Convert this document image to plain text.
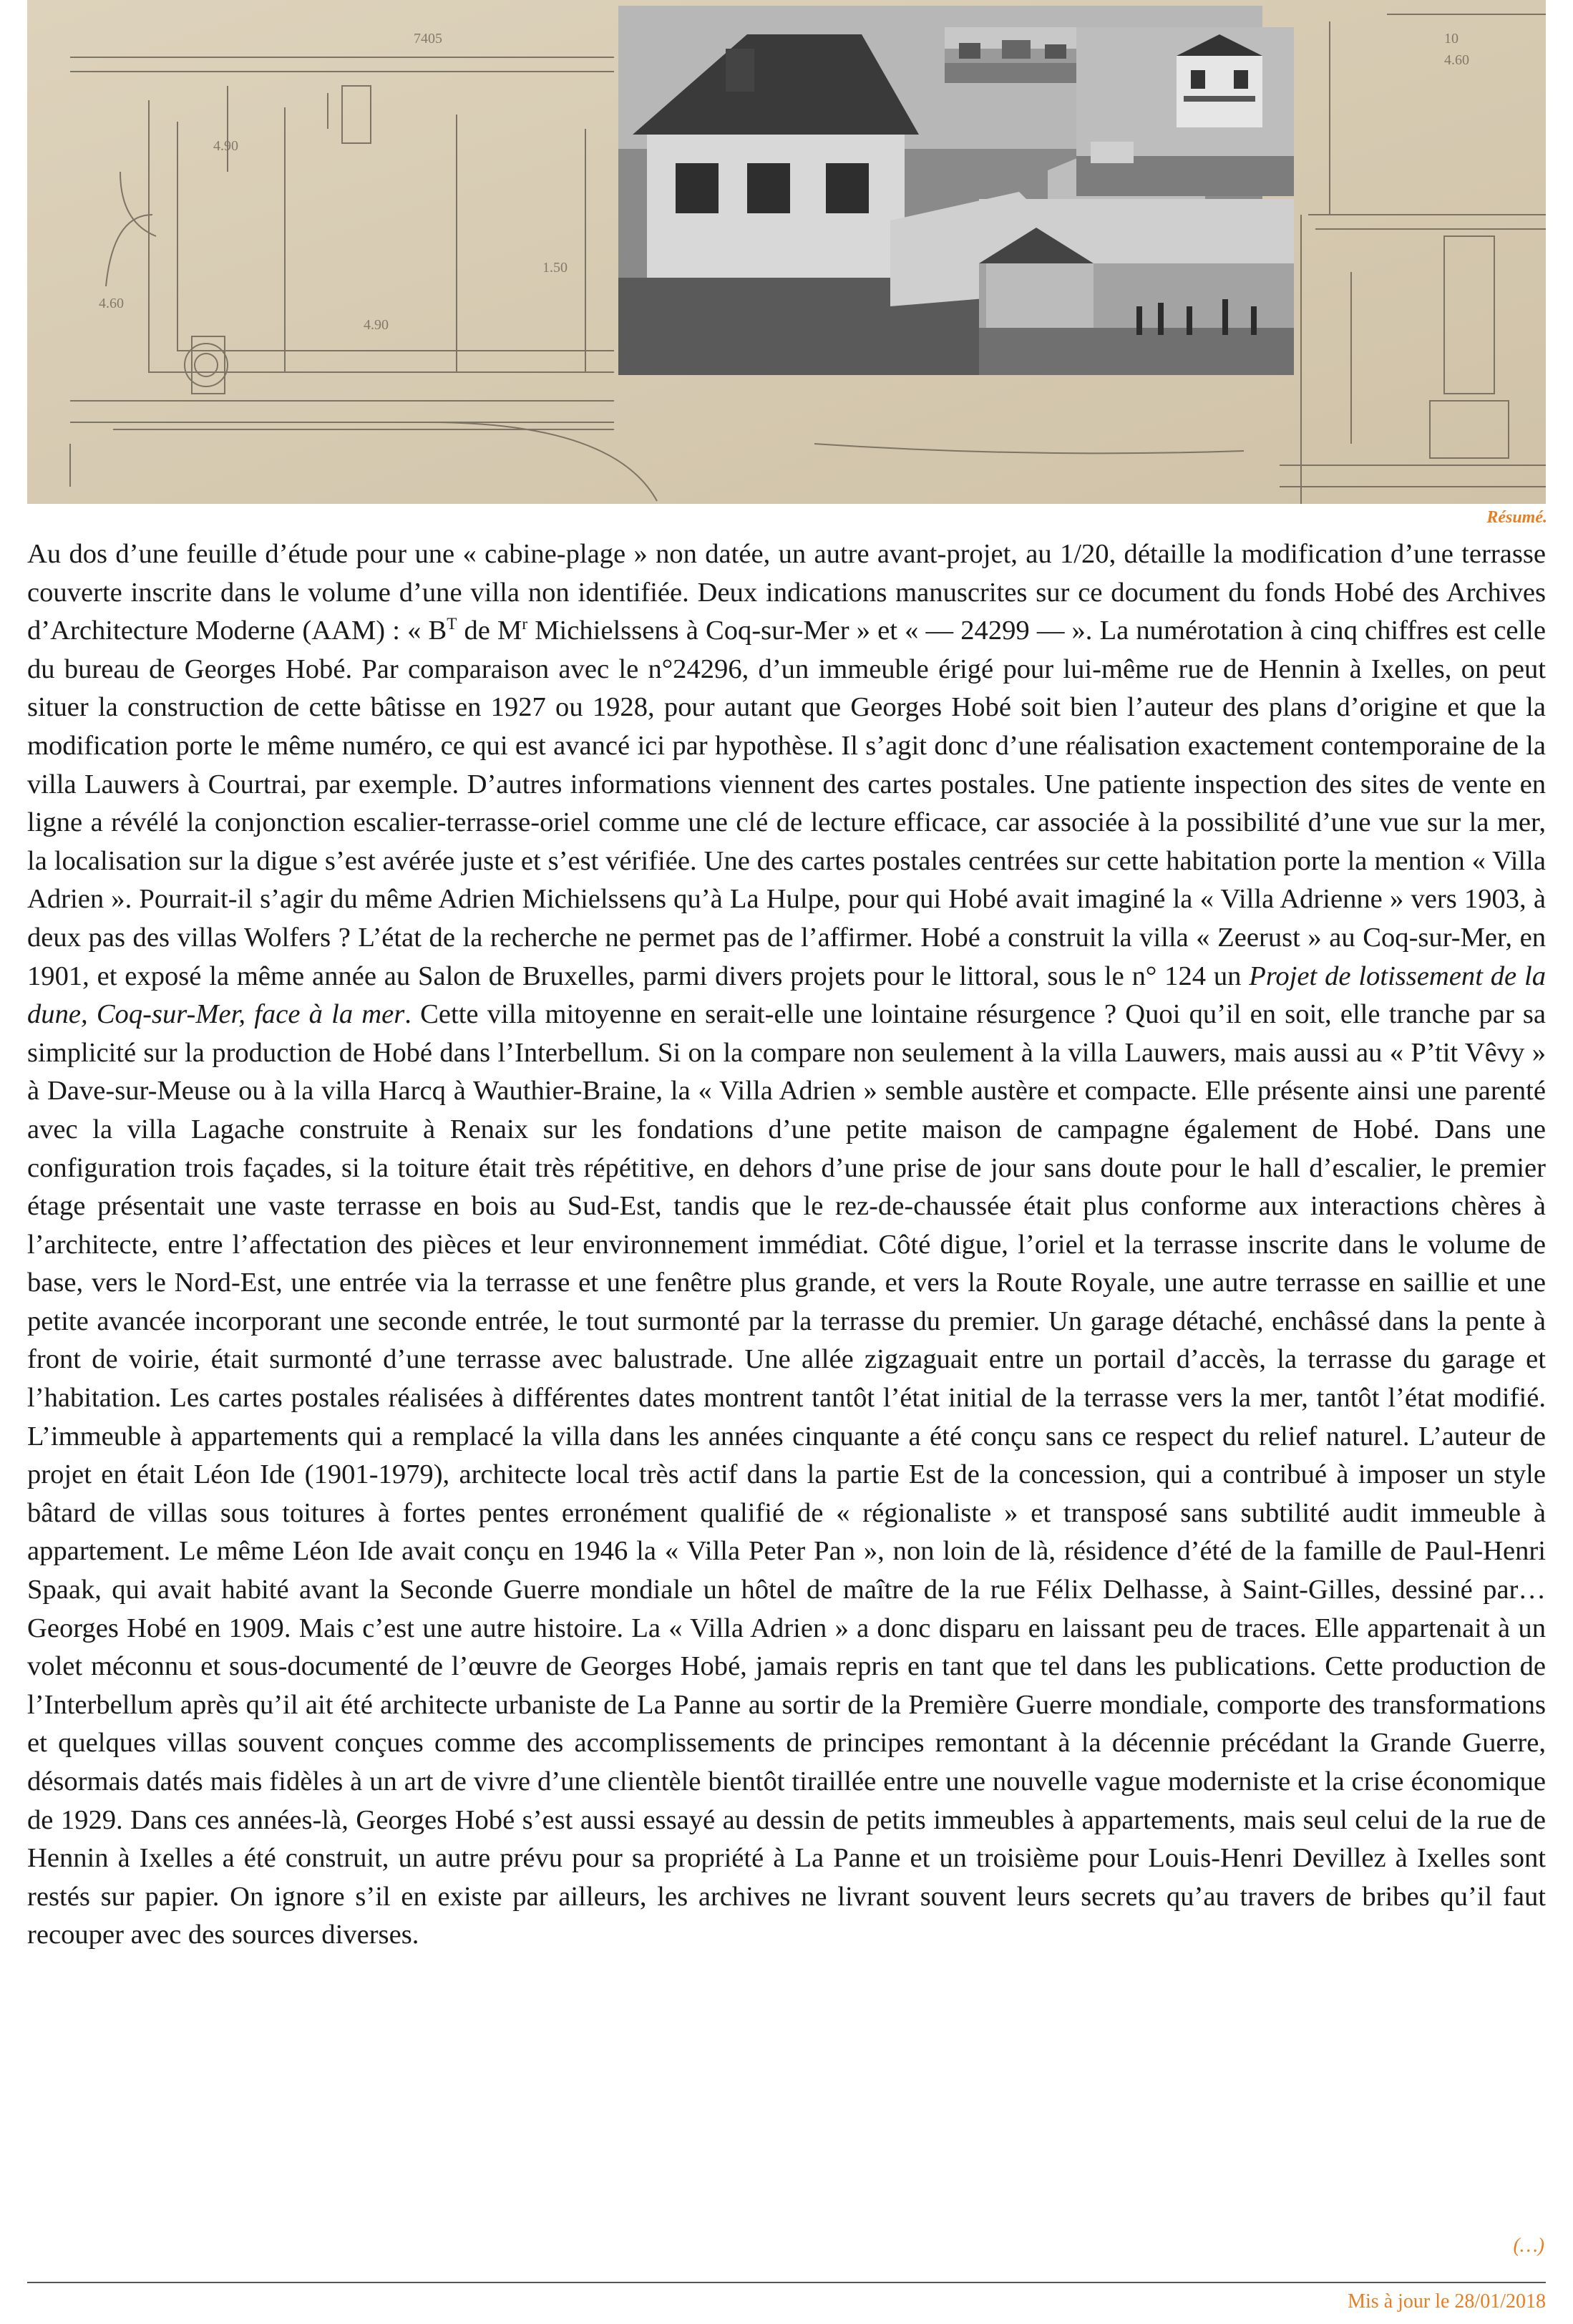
7405
4.90
1.50
4.90
4.60
10
4.60
Résumé.

Au dos d’une feuille d’étude pour une « cabine-plage » non datée, un autre avant-projet, au 1/20, détaille la modification d’une terrasse couverte inscrite dans le volume d’une villa non identifiée. Deux indications manuscrites sur ce document du fonds Hobé des Archives d’Architecture Moderne (AAM) : « $B^T$ de $M^r$ Michielssens à Coq-sur-Mer » et « — 24299 — ». La numérotation à cinq chiffres est celle du bureau de Georges Hobé. Par comparaison avec le n°24296, d’un immeuble érigé pour lui-même rue de Hennin à Ixelles, on peut situer la construction de cette bâtisse en 1927 ou 1928, pour autant que Georges Hobé soit bien l’auteur des plans d’origine et que la modification porte le même numéro, ce qui est avancé ici par hypothèse. Il s’agit donc d’une réalisation exactement contemporaine de la villa Lauwers à Courtrai, par exemple. D’autres informations viennent des cartes postales. Une patiente inspection des sites de vente en ligne a révélé la conjonction escalier-terrasse-oriel comme une clé de lecture efficace, car associée à la possibilité d’une vue sur la mer, la localisation sur la digue s’est avérée juste et s’est vérifiée. Une des cartes postales centrées sur cette habitation porte la mention « Villa Adrien ». Pourrait-il s’agir du même Adrien Michielssens qu’à La Hulpe, pour qui Hobé avait imaginé la « Villa Adrienne » vers 1903, à deux pas des villas Wolfers ? L’état de la recherche ne permet pas de l’affirmer. Hobé a construit la villa « Zeerust » au Coq-sur-Mer, en 1901, et exposé la même année au Salon de Bruxelles, parmi divers projets pour le littoral, sous le n° 124 un Projet de lotissement de la dune, Coq-sur-Mer, face à la mer. Cette villa mitoyenne en serait-elle une lointaine résurgence ? Quoi qu’il en soit, elle tranche par sa simplicité sur la production de Hobé dans l’Interbellum. Si on la compare non seulement à la villa Lauwers, mais aussi au « P’tit Vêvy » à Dave-sur-Meuse ou à la villa Harcq à Wauthier-Braine, la « Villa Adrien » semble austère et compacte. Elle présente ainsi une parenté avec la villa Lagache construite à Renaix sur les fondations d’une petite maison de campagne également de Hobé. Dans une configuration trois façades, si la toiture était très répétitive, en dehors d’une prise de jour sans doute pour le hall d’escalier, le premier étage présentait une vaste terrasse en bois au Sud-Est, tandis que le rez-de-chaussée était plus conforme aux interactions chères à l’architecte, entre l’affectation des pièces et leur environnement immédiat. Côté digue, l’oriel et la terrasse inscrite dans le volume de base, vers le Nord-Est, une entrée via la terrasse et une fenêtre plus grande, et vers la Route Royale, une autre terrasse en saillie et une petite avancée incorporant une seconde entrée, le tout surmonté par la terrasse du premier. Un garage détaché, enchâssé dans la pente à front de voirie, était surmonté d’une terrasse avec balustrade. Une allée zigzaguait entre un portail d’accès, la terrasse du garage et l’habitation. Les cartes postales réalisées à différentes dates montrent tantôt l’état initial de la terrasse vers la mer, tantôt l’état modifié. L’immeuble à appartements qui a remplacé la villa dans les années cinquante a été conçu sans ce respect du relief naturel. L’auteur de projet en était Léon Ide (1901-1979), architecte local très actif dans la partie Est de la concession, qui a contribué à imposer un style bâtard de villas sous toitures à fortes pentes erronément qualifié de « régionaliste » et transposé sans subtilité audit immeuble à appartement. Le même Léon Ide avait conçu en 1946 la « Villa Peter Pan », non loin de là, résidence d’été de la famille de Paul-Henri Spaak, qui avait habité avant la Seconde Guerre mondiale un hôtel de maître de la rue Félix Delhasse, à Saint-Gilles, dessiné par… Georges Hobé en 1909. Mais c’est une autre histoire. La « Villa Adrien » a donc disparu en laissant peu de traces. Elle appartenait à un volet méconnu et sous-documenté de l’œuvre de Georges Hobé, jamais repris en tant que tel dans les publications. Cette production de l’Interbellum après qu’il ait été architecte urbaniste de La Panne au sortir de la Première Guerre mondiale, comporte des transformations et quelques villas souvent conçues comme des accomplissements de principes remontant à la décennie précédant la Grande Guerre, désormais datés mais fidèles à un art de vivre d’une clientèle bientôt tiraillée entre une nouvelle vague moderniste et la crise économique de 1929. Dans ces années-là, Georges Hobé s’est aussi essayé au dessin de petits immeubles à appartements, mais seul celui de la rue de Hennin à Ixelles a été construit, un autre prévu pour sa propriété à La Panne et un troisième pour Louis-Henri Devillez à Ixelles sont restés sur papier. On ignore s’il en existe par ailleurs, les archives ne livrant souvent leurs secrets qu’au travers de bribes qu’il faut recouper avec des sources diverses.

(…)
Mis à jour le 28/01/2018
